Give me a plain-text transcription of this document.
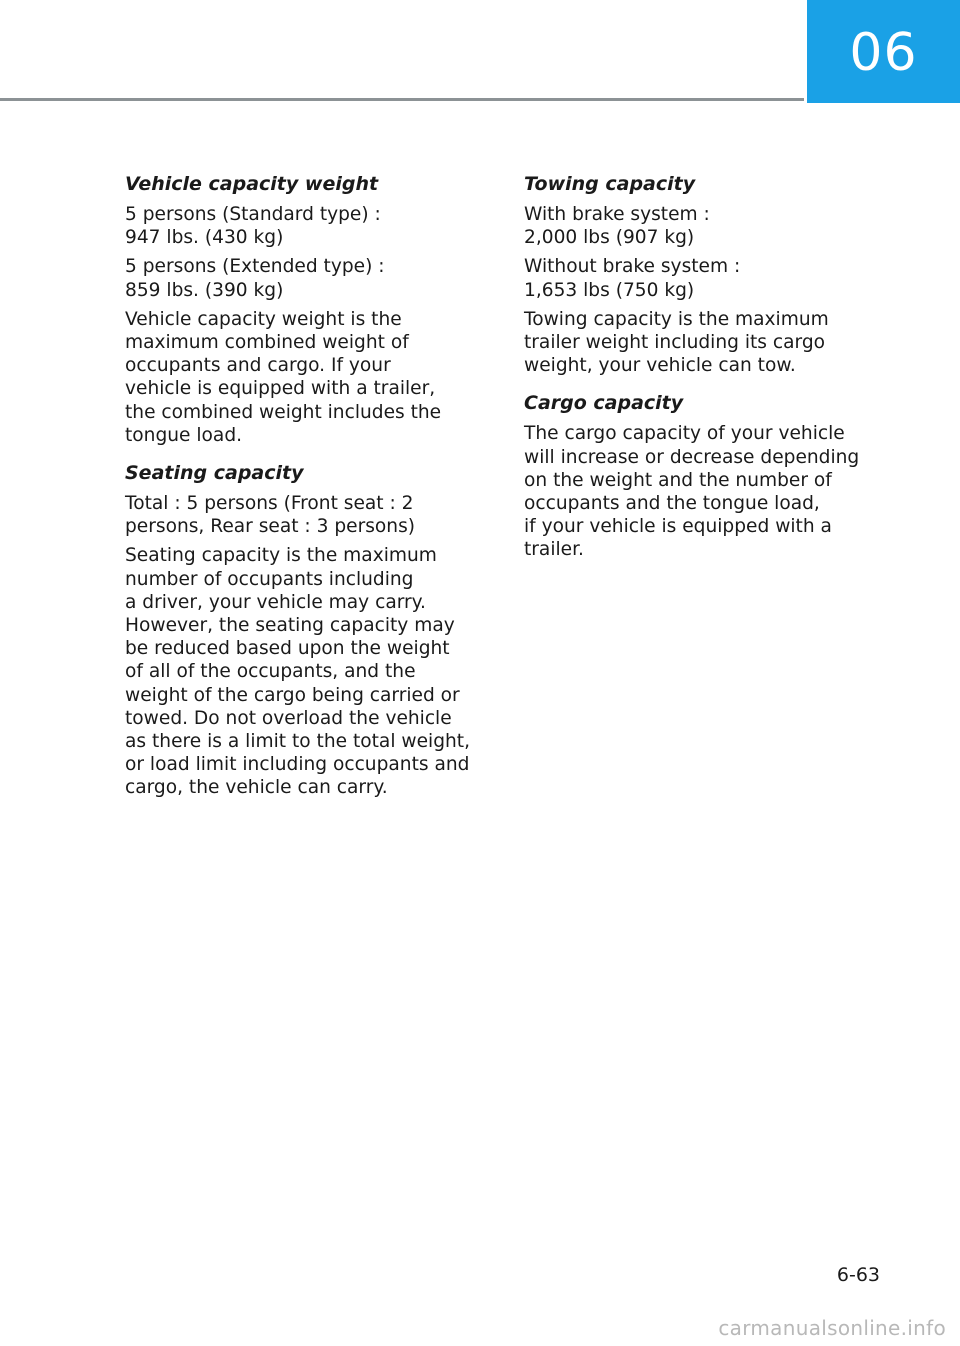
06
Vehicle capacity weight
5 persons (Standard type) :
947 lbs. (430 kg)
5 persons (Extended type) :
859 lbs. (390 kg)
Vehicle capacity weight is the
maximum combined weight of
occupants and cargo. If your
vehicle is equipped with a trailer,
the combined weight includes the
tongue load.
Seating capacity
Total : 5 persons (Front seat : 2
persons, Rear seat : 3 persons)
Seating capacity is the maximum
number of occupants including
a driver, your vehicle may carry.
However, the seating capacity may
be reduced based upon the weight
of all of the occupants, and the
weight of the cargo being carried or
towed. Do not overload the vehicle
as there is a limit to the total weight,
or load limit including occupants and
cargo, the vehicle can carry.
Towing capacity
With brake system :
2,000 lbs (907 kg)
Without brake system :
1,653 lbs (750 kg)
Towing capacity is the maximum
trailer weight including its cargo
weight, your vehicle can tow.
Cargo capacity
The cargo capacity of your vehicle
will increase or decrease depending
on the weight and the number of
occupants and the tongue load,
if your vehicle is equipped with a
trailer.
6-63
carmanualsonline.info
